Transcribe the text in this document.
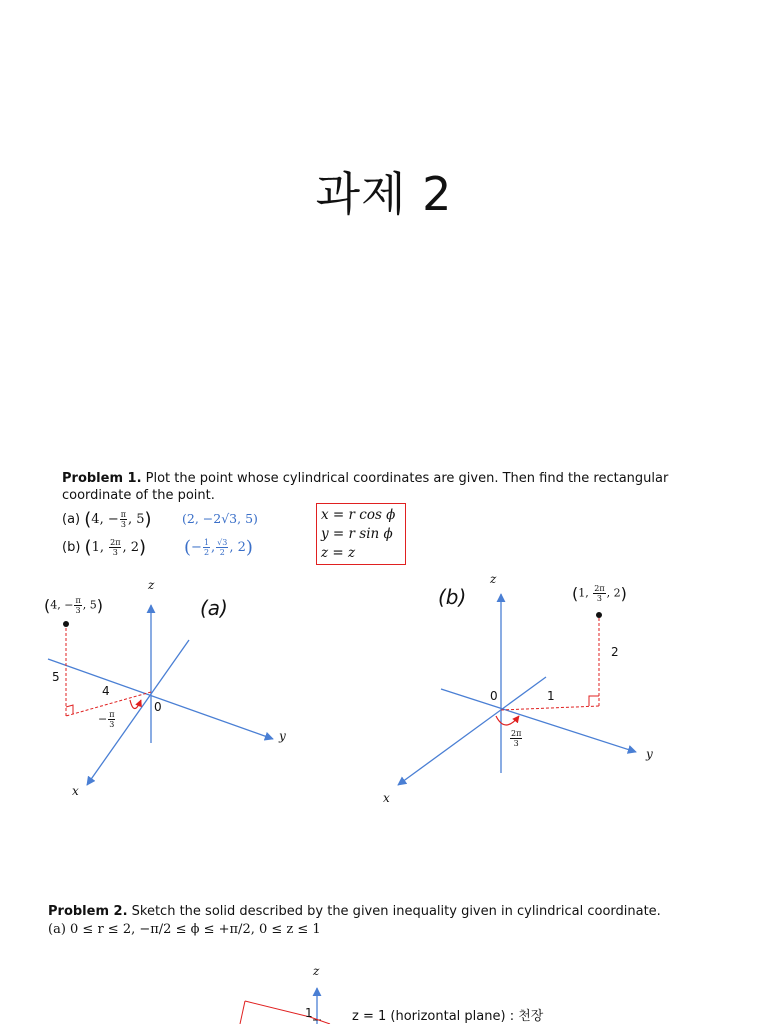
과제 2
Problem 1. Plot the point whose cylindrical coordinates are given. Then find the rectangular coordinate of the point.
(a) (4, − $\frac{\pi}{3}$ , 5) (2, −2√3, 5)
(b) (1, $\frac{2\pi}{3}$ , 2) (− $\frac{1}{2}$ , $\frac{√3}{2}$ , 2)
x = r cos ϕ
y = r sin ϕ
z = z
(4, − $\frac{\pi}{3}$ , 5)	(a)
z
y
x
0
5
4
− $\frac{\pi}{3}$
(1, $\frac{2\pi}{3}$ , 2)
(b)
z
y
x
0
2
1
$\frac{2\pi}{3}$
Problem 2. Sketch the solid described by the given inequality given in cylindrical coordinate.
(a) 0 ≤ r ≤ 2, −π/2 ≤ ϕ ≤ +π/2, 0 ≤ z ≤ 1
z
1	z = 1 (horizontal plane) : 천장
